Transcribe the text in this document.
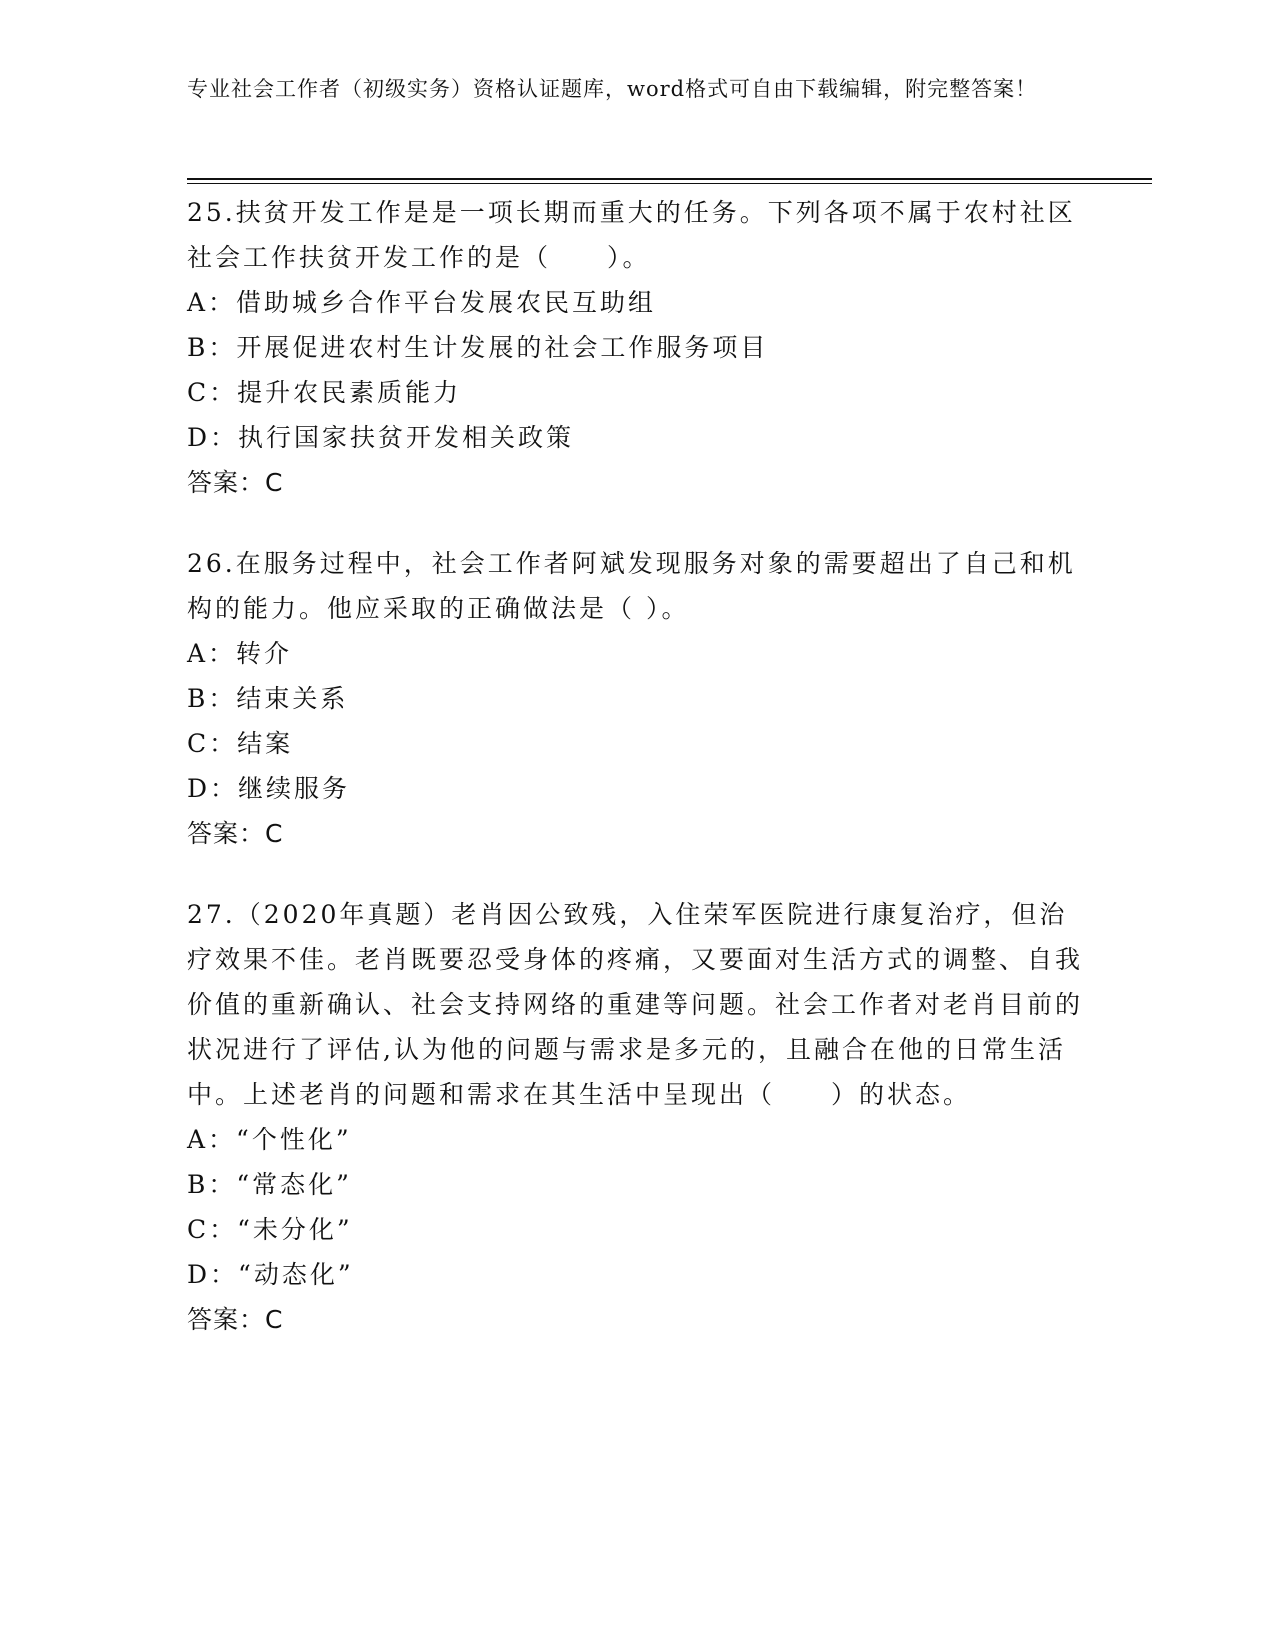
专业社会工作者（初级实务）资格认证题库，word格式可自由下载编辑，附完整答案！
25.扶贫开发工作是是一项长期而重大的任务。下列各项不属于农村社区社会工作扶贫开发工作的是（　　）。
A：借助城乡合作平台发展农民互助组
B：开展促进农村生计发展的社会工作服务项目
C：提升农民素质能力
D：执行国家扶贫开发相关政策
答案：C
26.在服务过程中，社会工作者阿斌发现服务对象的需要超出了自己和机构的能力。他应采取的正确做法是（ ）。
A：转介
B：结束关系
C：结案
D：继续服务
答案：C
27.（2020年真题）老肖因公致残，入住荣军医院进行康复治疗，但治疗效果不佳。老肖既要忍受身体的疼痛，又要面对生活方式的调整、自我价值的重新确认、社会支持网络的重建等问题。社会工作者对老肖目前的状况进行了评估,认为他的问题与需求是多元的，且融合在他的日常生活中。上述老肖的问题和需求在其生活中呈现出（　　）的状态。
A：“个性化”
B：“常态化”
C：“未分化”
D：“动态化”
答案：C
